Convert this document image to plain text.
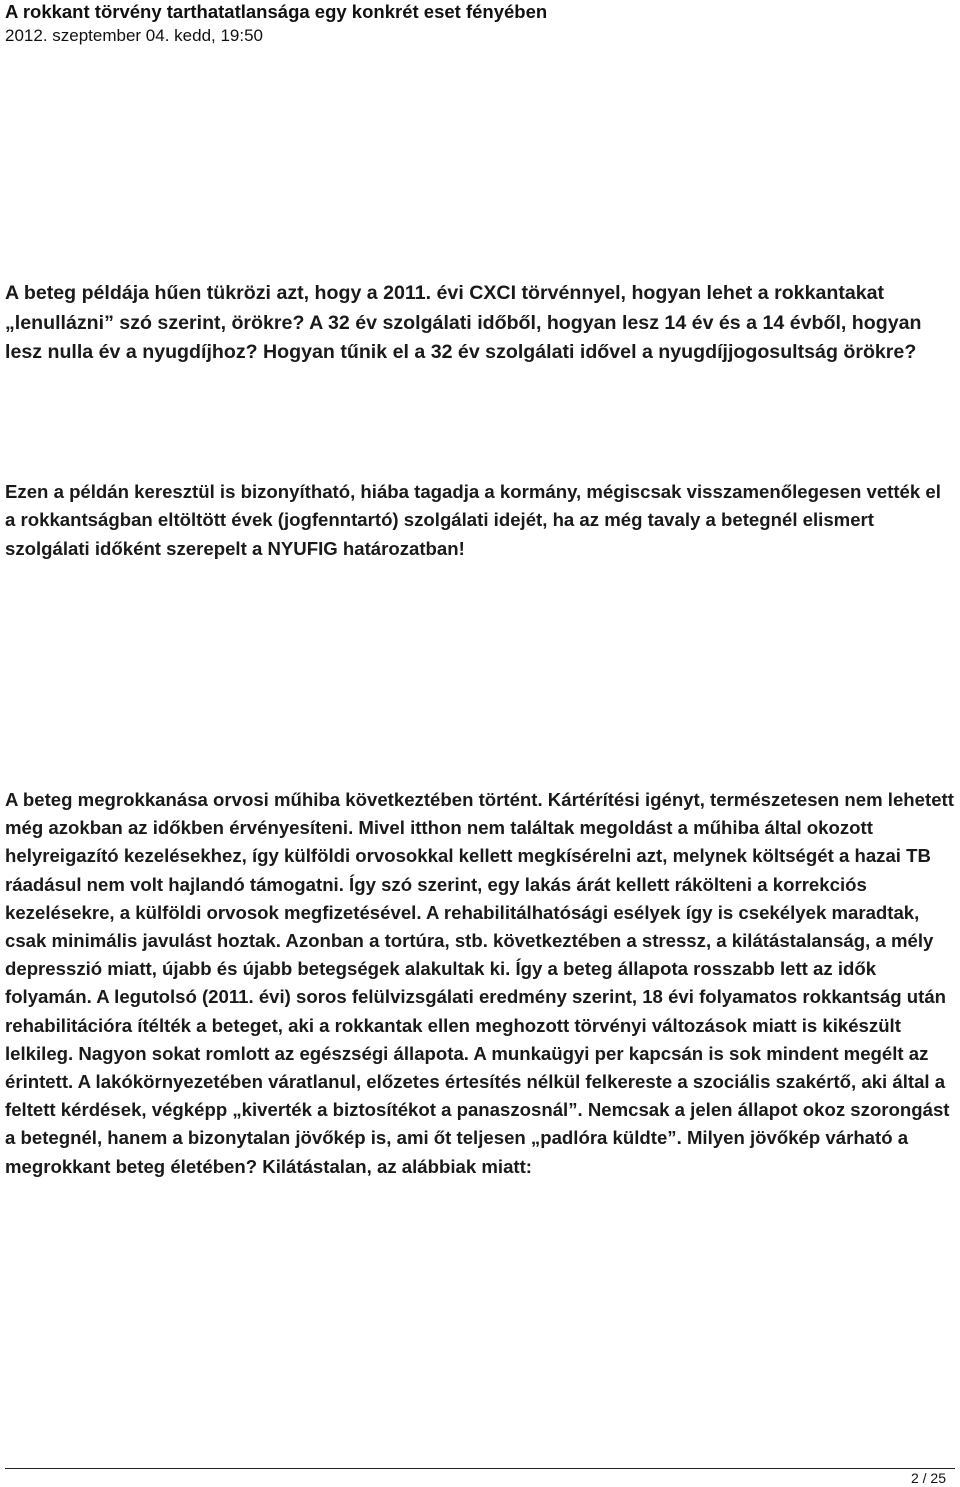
A rokkant törvény tarthatatlansága egy konkrét eset fényében

2012. szeptember 04. kedd, 19:50

A beteg példája hűen tükrözi azt, hogy a 2011. évi CXCI törvénnyel, hogyan lehet a rokkantakat „lenullázni” szó szerint, örökre? A 32 év szolgálati időből, hogyan lesz 14 év és a 14 évből, hogyan lesz nulla év a nyugdíjhoz? Hogyan tűnik el a 32 év szolgálati idővel a nyugdíjjogosultság örökre?

Ezen a példán keresztül is bizonyítható, hiába tagadja a kormány, mégiscsak visszamenőlegesen vették el a rokkantságban eltöltött évek (jogfenntartó) szolgálati idejét, ha az még tavaly a betegnél elismert szolgálati időként szerepelt a NYUFIG határozatban!

A beteg megrokkanása orvosi műhiba következtében történt. Kártérítési igényt, természetesen nem lehetett még azokban az időkben érvényesíteni. Mivel itthon nem találtak megoldást a műhiba által okozott helyreigazító kezelésekhez, így külföldi orvosokkal kellett megkísérelni azt, melynek költségét a hazai TB ráadásul nem volt hajlandó támogatni. Így szó szerint, egy lakás árát kellett rákölteni a korrekciós kezelésekre, a külföldi orvosok megfizetésével. A rehabilitálhatósági esélyek így is csekélyek maradtak, csak minimális javulást hoztak. Azonban a tortúra, stb. következtében a stressz, a kilátástalanság, a mély depresszió miatt, újabb és újabb betegségek alakultak ki. Így a beteg állapota rosszabb lett az idők folyamán. A legutolsó (2011. évi) soros felülvizsgálati eredmény szerint, 18 évi folyamatos rokkantság után rehabilitációra ítélték a beteget, aki a rokkantak ellen meghozott törvényi változások miatt is kikészült lelkileg. Nagyon sokat romlott az egészségi állapota. A munkaügyi per kapcsán is sok mindent megélt az érintett. A lakókörnyezetében váratlanul, előzetes értesítés nélkül felkereste a szociális szakértő, aki által a feltett kérdések, végképp „kiverték a biztosítékot a panaszosnál”. Nemcsak a jelen állapot okoz szorongást a betegnél, hanem a bizonytalan jövőkép is, ami őt teljesen „padlóra küldte”. Milyen jövőkép várható a megrokkant beteg életében? Kilátástalan, az alábbiak miatt:

2 / 25
